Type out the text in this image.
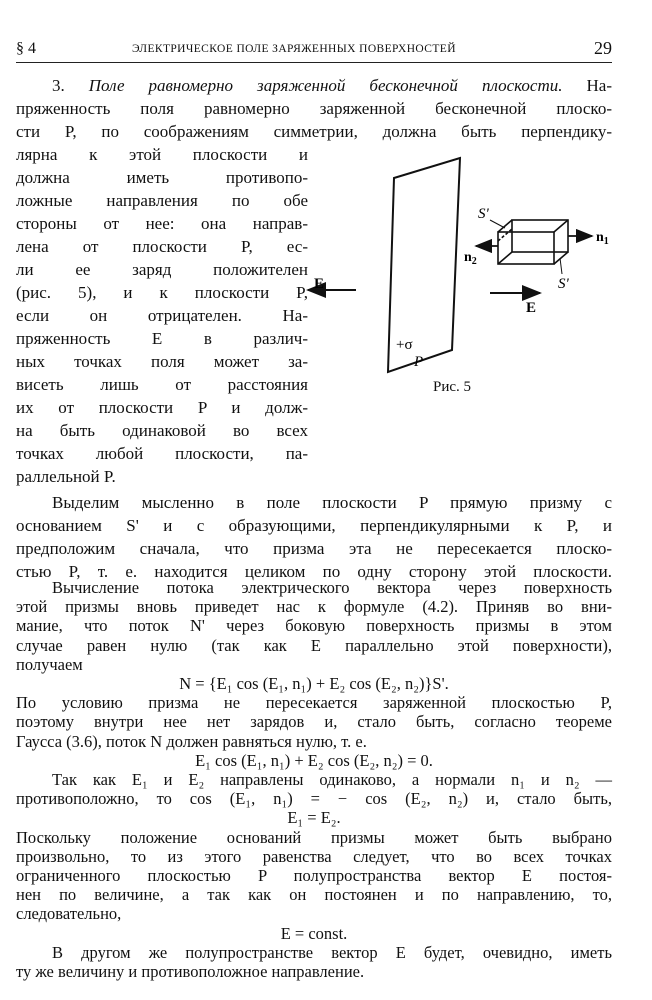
§ 4	ЭЛЕКТРИЧЕСКОЕ ПОЛЕ ЗАРЯЖЕННЫХ ПОВЕРХНОСТЕЙ	29
3. Поле равномерно заряженной бесконечной плоскости. На-
пряженность поля равномерно заряженной бесконечной плоско-
сти P, по соображениям симметрии, должна быть перпендику-
лярна к этой плоскости и
должна иметь противопо-
ложные направления по обе
стороны от нее: она направ-
лена от плоскости P, ес-
ли ее заряд положителен
(рис. 5), и к плоскости P,
если он отрицателен. На-
пряженность E в различ-
ных точках поля может за-
висеть лишь от расстояния
их от плоскости P и долж-
на быть одинаковой во всех
точках любой плоскости, па-
раллельной P.
E
E
S'
S'
$n_1$
$n_2$
+σ
P
Рис. 5
Выделим мысленно в поле плоскости P прямую призму с
основанием S' и с образующими, перпендикулярными к P, и
предположим сначала, что призма эта не пересекается плоско-
стью P, т. е. находится целиком по одну сторону этой плоскости.
Вычисление потока электрического вектора через поверхность
этой призмы вновь приведет нас к формуле (4.2). Приняв во вни-
мание, что поток N' через боковую поверхность призмы в этом
случае равен нулю (так как E параллельно этой поверхности),
получаем
N = {E₁ cos (E₁, n₁) + E₂ cos (E₂, n₂)}S'.
По условию призма не пересекается заряженной плоскостью P,
поэтому внутри нее нет зарядов и, стало быть, согласно теореме
Гаусса (3.6), поток N должен равняться нулю, т. е.
E₁ cos (E₁, n₁) + E₂ cos (E₂, n₂) = 0.
Так как E₁ и E₂ направлены одинаково, а нормали n₁ и n₂ —
противоположно, то cos (E₁, n₁) = − cos (E₂, n₂) и, стало быть,
E₁ = E₂.
Поскольку положение оснований призмы может быть выбрано
произвольно, то из этого равенства следует, что во всех точках
ограниченного плоскостью P полупространства вектор E постоя-
нен по величине, а так как он постоянен и по направлению, то,
следовательно,
E = const.
В другом же полупространстве вектор E будет, очевидно, иметь
ту же величину и противоположное направление.
